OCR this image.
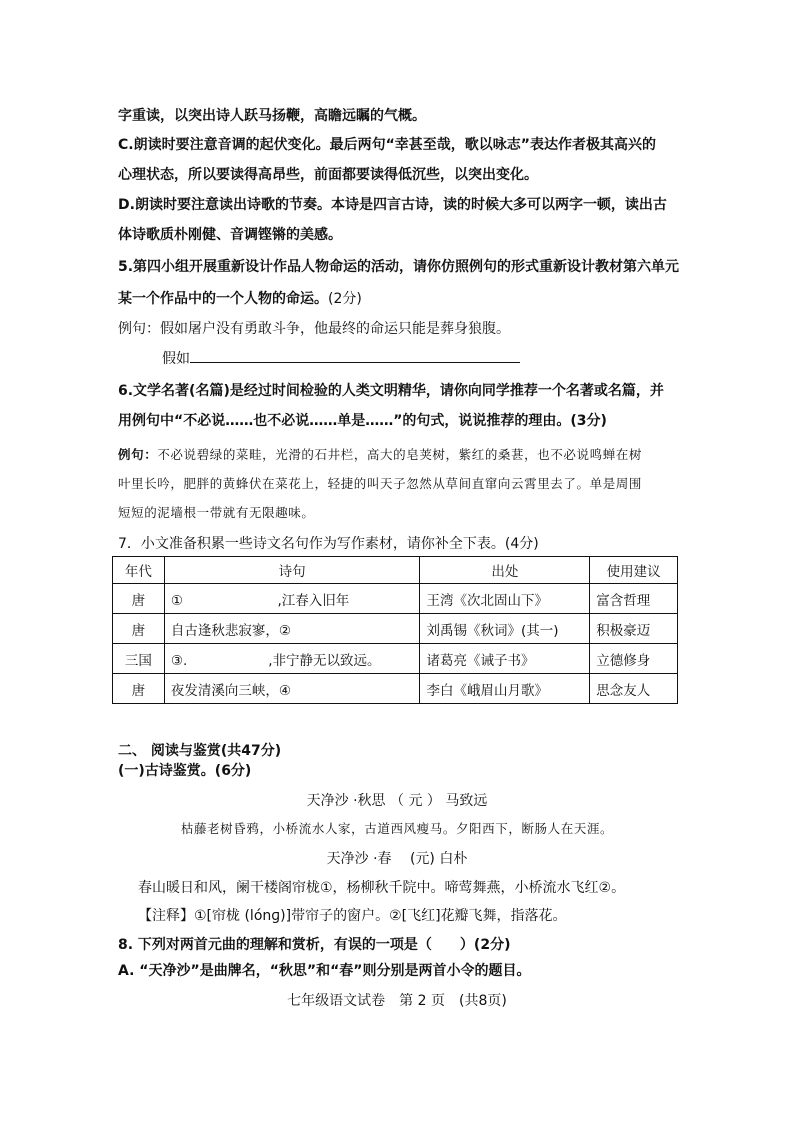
字重读，以突出诗人跃马扬鞭，高瞻远瞩的气概。
C.朗读时要注意音调的起伏变化。最后两句“幸甚至哉，歌以咏志”表达作者极其高兴的
心理状态，所以要读得高昂些，前面都要读得低沉些，以突出变化。
D.朗读时要注意读出诗歌的节奏。本诗是四言古诗，读的时候大多可以两字一顿，读出古
体诗歌质朴刚健、音调铿锵的美感。
5.第四小组开展重新设计作品人物命运的活动，请你仿照例句的形式重新设计教材第六单元
某一个作品中的一个人物的命运。(2分)
例句：假如屠户没有勇敢斗争，他最终的命运只能是葬身狼腹。
假如
6.文学名著(名篇)是经过时间检验的人类文明精华，请你向同学推荐一个名著或名篇，并
用例句中“不必说……也不必说……单是……”的句式，说说推荐的理由。(3分)
例句：不必说碧绿的菜畦，光滑的石井栏，高大的皂荚树，紫红的桑葚，也不必说鸣蝉在树
叶里长吟，肥胖的黄蜂伏在菜花上，轻捷的叫天子忽然从草间直窜向云霄里去了。单是周围
短短的泥墙根一带就有无限趣味。
7．小文准备积累一些诗文名句作为写作素材，请你补全下表。(4分)
年代	诗句	出处	使用建议
唐	①　　　　　　　,江春入旧年	王湾《次北固山下》	富含哲理
唐	自古逢秋悲寂寥，②	刘禹锡《秋词》(其一)	积极豪迈
三国	③.　　　　　　,非宁静无以致远。	诸葛亮《诫子书》	立德修身
唐	夜发清溪向三峡，④	李白《峨眉山月歌》	思念友人
二、 阅读与鉴赏(共47分)
(一)古诗鉴赏。(6分)
天净沙 ·秋思 （ 元 ） 马致远
枯藤老树昏鸦，小桥流水人家，古道西风瘦马。夕阳西下，断肠人在天涯。
天净沙 ·春　 (元) 白朴
春山暖日和风，阑干楼阁帘栊①，杨柳秋千院中。啼莺舞燕，小桥流水飞红②。
【注释】①[帘栊 (lónɡ)]带帘子的窗户。②[飞红]花瓣飞舞，指落花。
8. 下列对两首元曲的理解和赏析，有误的一项是（　　）(2分)
A. “天净沙”是曲牌名，“秋思”和“春”则分别是两首小令的题目。
七年级语文试卷　第 2 页　(共8页)
